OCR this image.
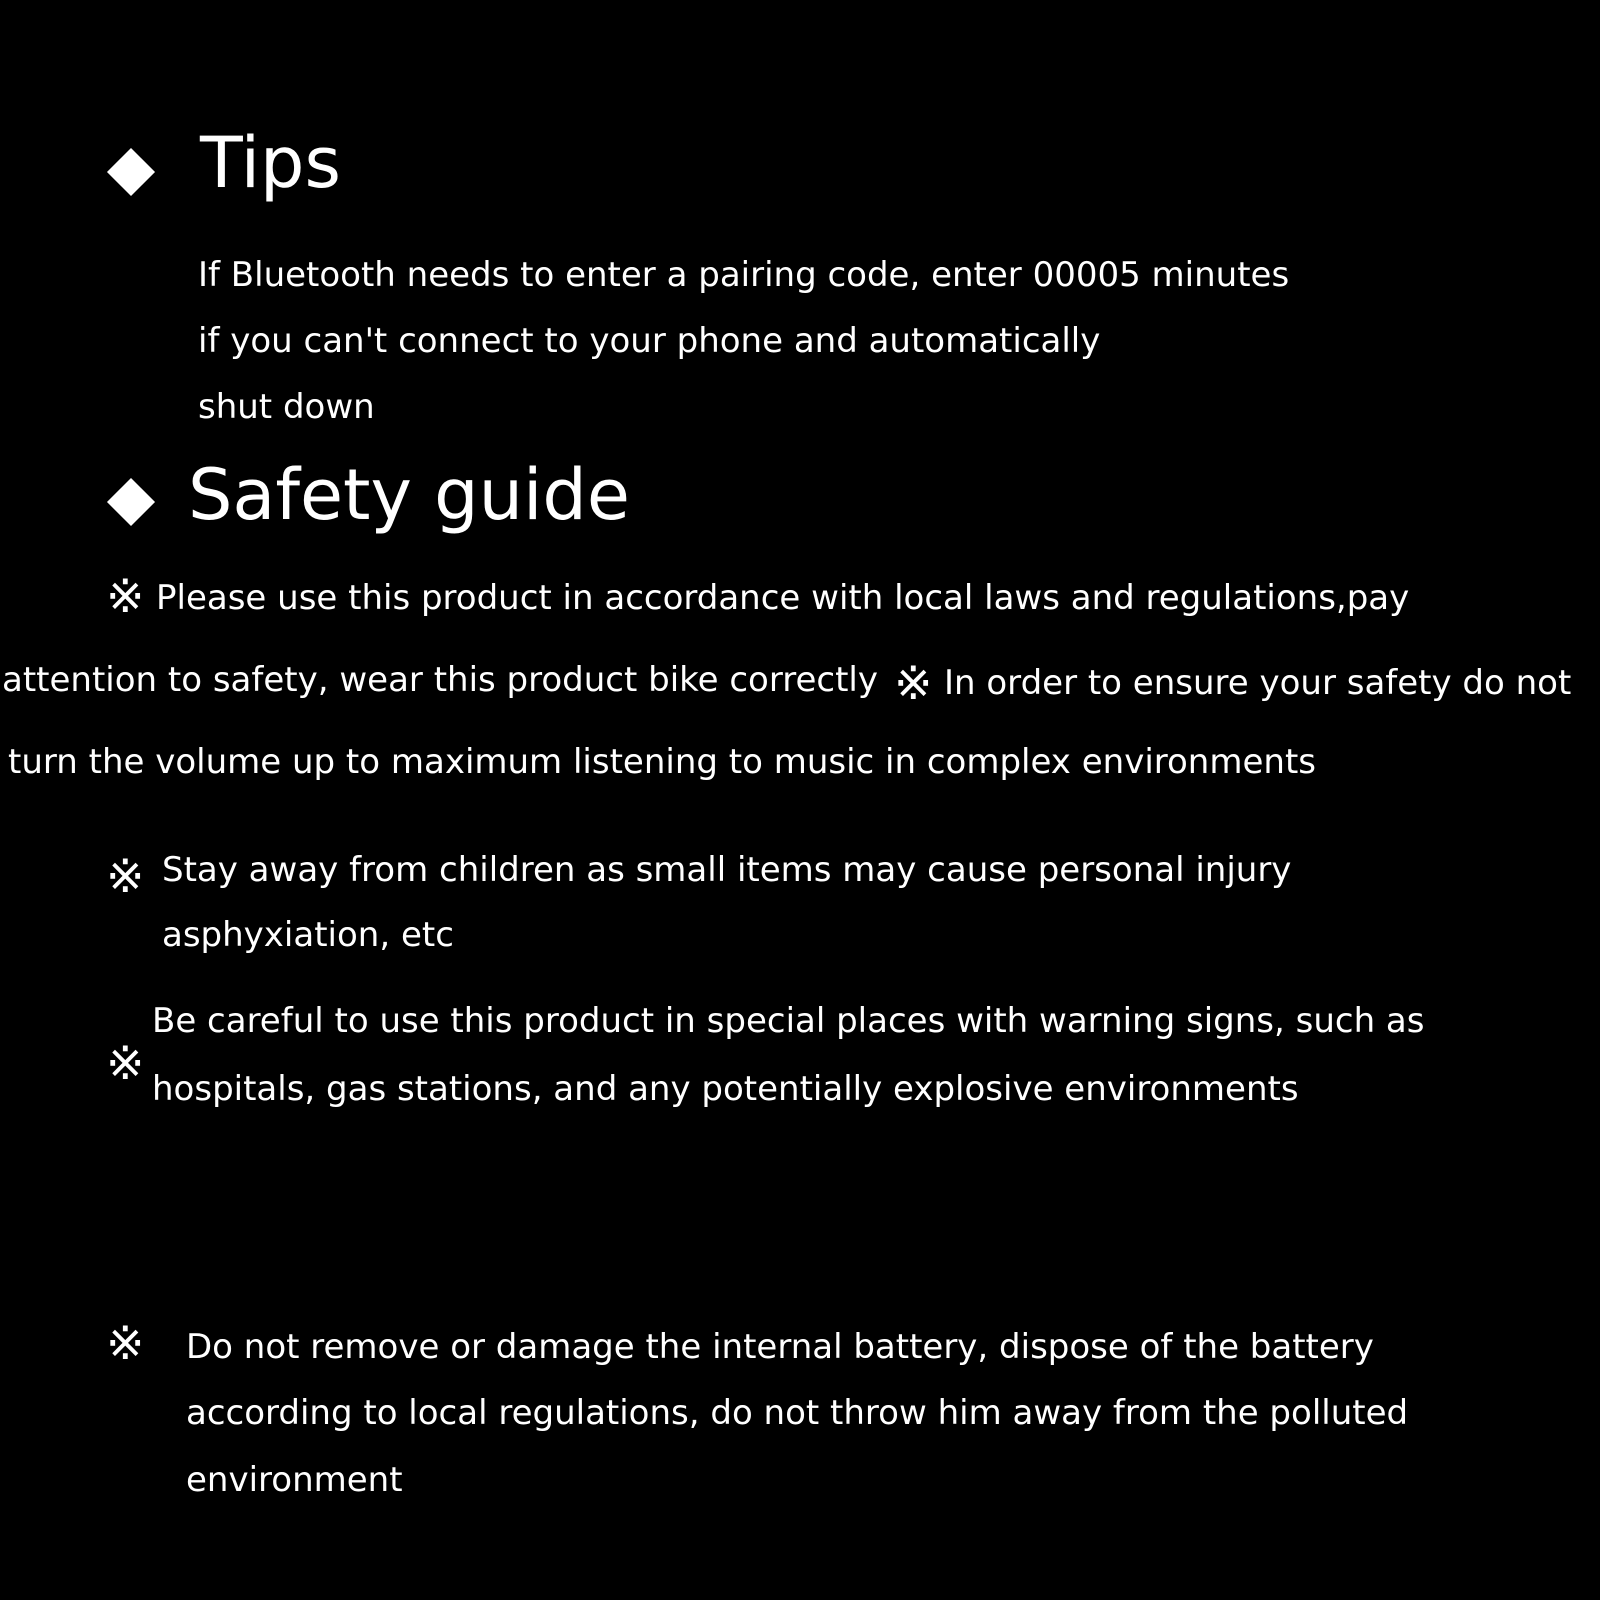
Tips
If Bluetooth needs to enter a pairing code, enter 00005 minutes
if you can't connect to your phone and automatically
shut down
Safety guide
※ Please use this product in accordance with local laws and regulations,pay
attention to safety, wear this product bike correctly ※ In order to ensure your safety do not
turn the volume up to maximum listening to music in complex environments
※ Stay away from children as small items may cause personal injury
asphyxiation, etc
※
Be careful to use this product in special places with warning signs, such as
hospitals, gas stations, and any potentially explosive environments
※ Do not remove or damage the internal battery, dispose of the battery
according to local regulations, do not throw him away from the polluted
environment
